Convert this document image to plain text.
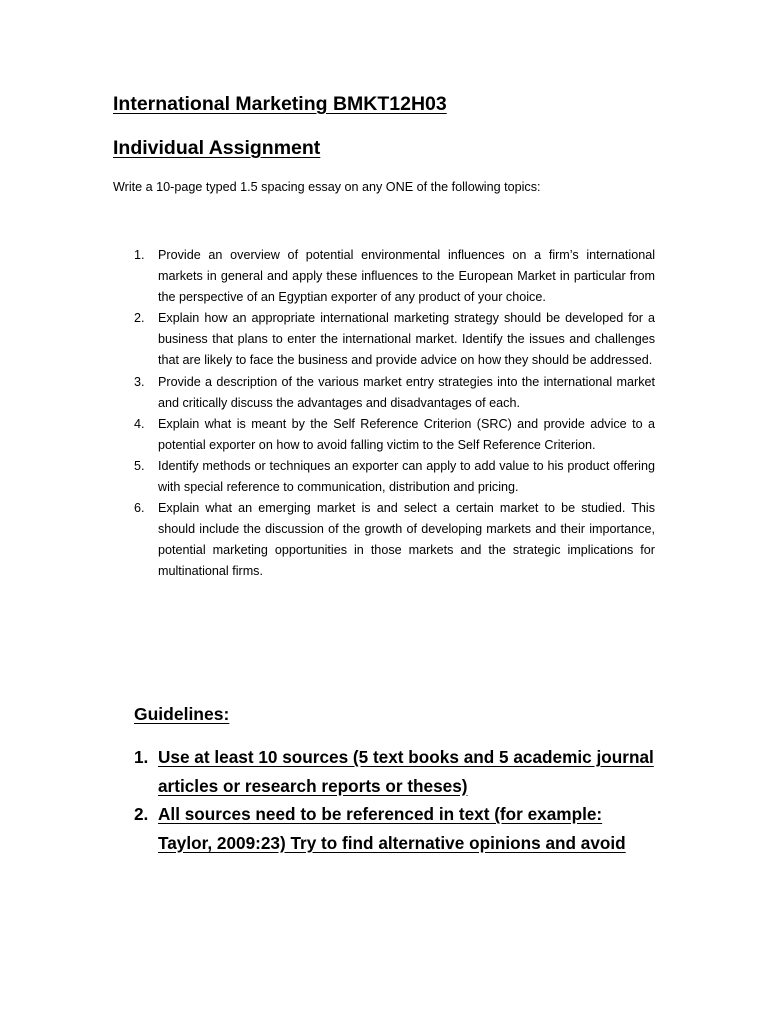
International Marketing BMKT12H03
Individual Assignment
Write a 10-page typed 1.5 spacing essay on any ONE of the following topics:
1. Provide an overview of potential environmental influences on a firm’s international markets in general and apply these influences to the European Market in particular from the perspective of an Egyptian exporter of any product of your choice.
2. Explain how an appropriate international marketing strategy should be developed for a business that plans to enter the international market. Identify the issues and challenges that are likely to face the business and provide advice on how they should be addressed.
3. Provide a description of the various market entry strategies into the international market and critically discuss the advantages and disadvantages of each.
4. Explain what is meant by the Self Reference Criterion (SRC) and provide advice to a potential exporter on how to avoid falling victim to the Self Reference Criterion.
5. Identify methods or techniques an exporter can apply to add value to his product offering with special reference to communication, distribution and pricing.
6. Explain what an emerging market is and select a certain market to be studied. This should include the discussion of the growth of developing markets and their importance, potential marketing opportunities in those markets and the strategic implications for multinational firms.
Guidelines:
1. Use at least 10 sources (5 text books and 5 academic journal articles or research reports or theses)
2. All sources need to be referenced in text (for example: Taylor, 2009:23) Try to find alternative opinions and avoid
